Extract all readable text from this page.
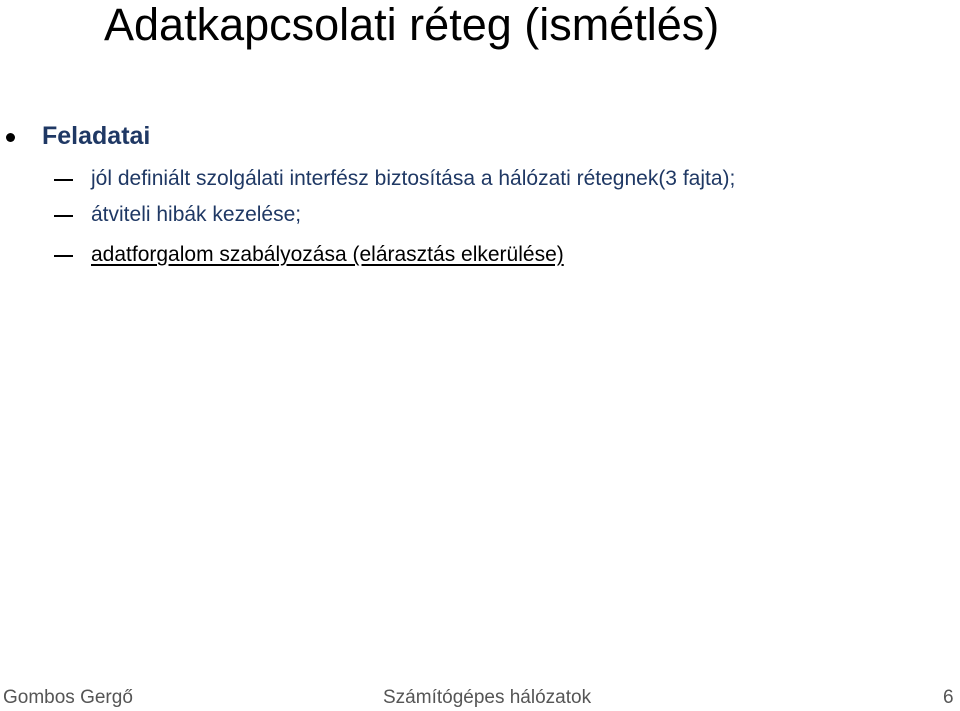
Adatkapcsolati réteg (ismétlés)
Feladatai
jól definiált szolgálati interfész biztosítása a hálózati rétegnek(3 fajta);
átviteli hibák kezelése;
adatforgalom szabályozása (elárasztás elkerülése)
Gombos Gergő	Számítógépes hálózatok	6
